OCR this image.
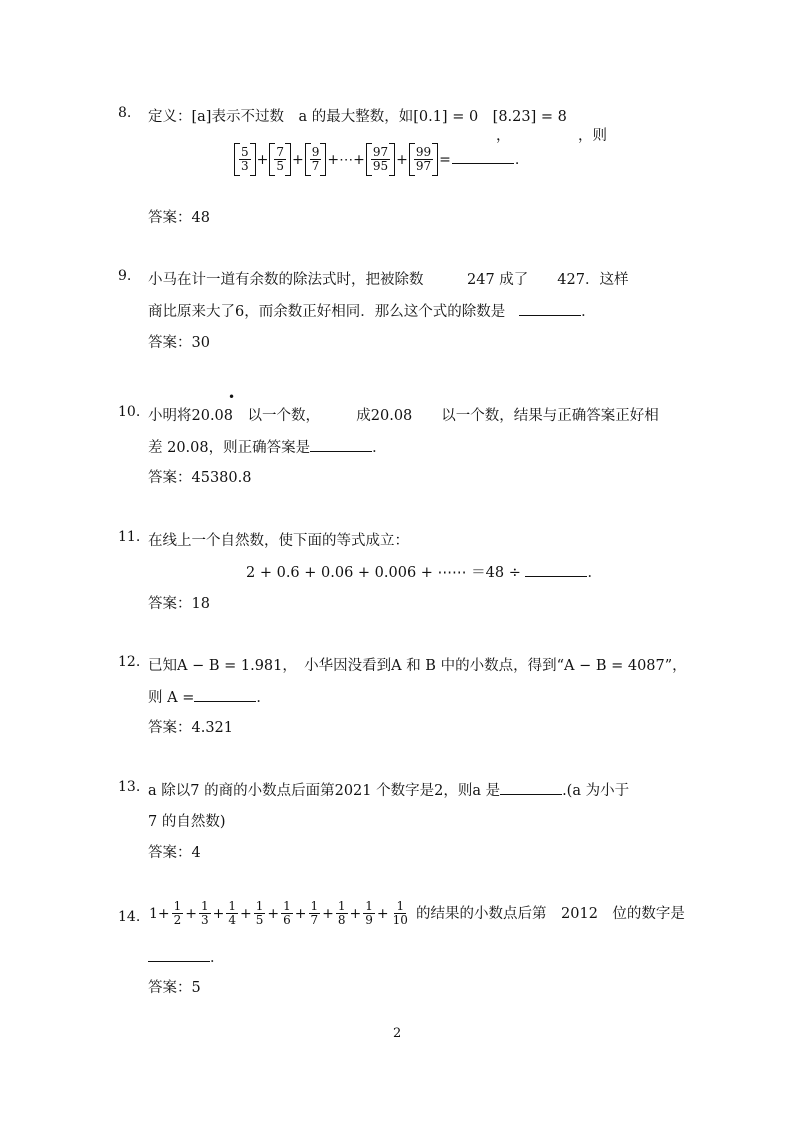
8. 定义：[a]表示不过数　a 的最大整数，如[0.1] = 0　[8.23] = 8
，	，则
$\frac{5}{3} + \frac{7}{5} + \frac{9}{7}$ +⋯+ $\frac{97}{95} + \frac{99}{97}$ =	.
答案：48
9. 小马在计一道有余数的除法式时，把被除数　　　247 成了　　427．这样
商比原来大了6，而余数正好相同．那么这个式的除数是	．
答案：30
•
10. 小明将20.08　以一个数，　　　成20.08　　以一个数，结果与正确答案正好相
差 20.08，则正确答案是	．
答案：45380.8
11. 在线上一个自然数，使下面的等式成立：
2 + 0.6 + 0.06 + 0.006 + ⋯⋯ ＝48 ÷	．
答案：18
12. 已知A − B = 1.981，　小华因没看到A 和 B 中的小数点，得到“A − B = 4087”，
则 A =	．
答案：4.321
13. a 除以7 的商的小数点后面第2021 个数字是2，则a 是	.(a 为小于
7 的自然数)
答案：4
14. $1+ \frac{1}{2} + \frac{1}{3} + \frac{1}{4} + \frac{1}{5} + \frac{1}{6} + \frac{1}{7} + \frac{1}{8} + \frac{1}{9} + \frac{1}{10}$ 的结果的小数点后第　2012　位的数字是
．
答案：5
2
